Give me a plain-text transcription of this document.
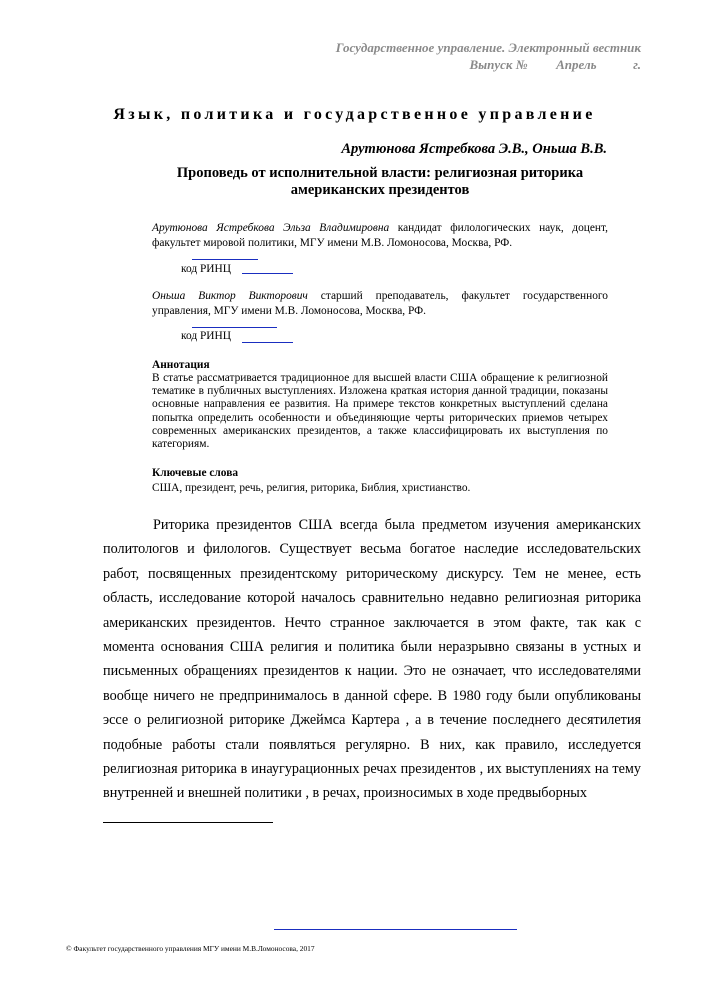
Государственное управление. Электронный вестник
Выпуск № Апрель	г.
Язык, политика и государственное управление
Арутюнова Ястребкова Э.В., Оньша В.В.
Проповедь от исполнительной власти: религиозная риторика американских президентов
Арутюнова Ястребкова Эльза Владимировна кандидат филологических наук, доцент, факультет мировой политики, МГУ имени М.В. Ломоносова, Москва, РФ.
код РИНЦ
Оньша Виктор Викторович старший преподаватель, факультет государственного управления, МГУ имени М.В. Ломоносова, Москва, РФ.
код РИНЦ
Аннотация
В статье рассматривается традиционное для высшей власти США обращение к религиозной тематике в публичных выступлениях. Изложена краткая история данной традиции, показаны основные направления ее развития. На примере текстов конкретных выступлений сделана попытка определить особенности и объединяющие черты риторических приемов четырех современных американских президентов, а также классифицировать их выступления по категориям.
Ключевые слова
США, президент, речь, религия, риторика, Библия, христианство.

Риторика президентов США всегда была предметом изучения американских политологов и филологов. Существует весьма богатое наследие исследовательских работ, посвященных президентскому риторическому дискурсу. Тем не менее, есть область, исследование которой началось сравнительно недавно религиозная риторика американских президентов. Нечто странное заключается в этом факте, так как с момента основания США религия и политика были неразрывно связаны в устных и письменных обращениях президентов к нации. Это не означает, что исследователями вообще ничего не предпринималось в данной сфере. В 1980 году были опубликованы эссе о религиозной риторике Джеймса Картера , а в течение последнего десятилетия подобные работы стали появляться регулярно. В них, как правило, исследуется религиозная риторика в инаугурационных речах президентов , их выступлениях на тему внутренней и внешней политики , в речах, произносимых в ходе предвыборных

© Факультет государственного управления МГУ имени М.В.Ломоносова, 2017
